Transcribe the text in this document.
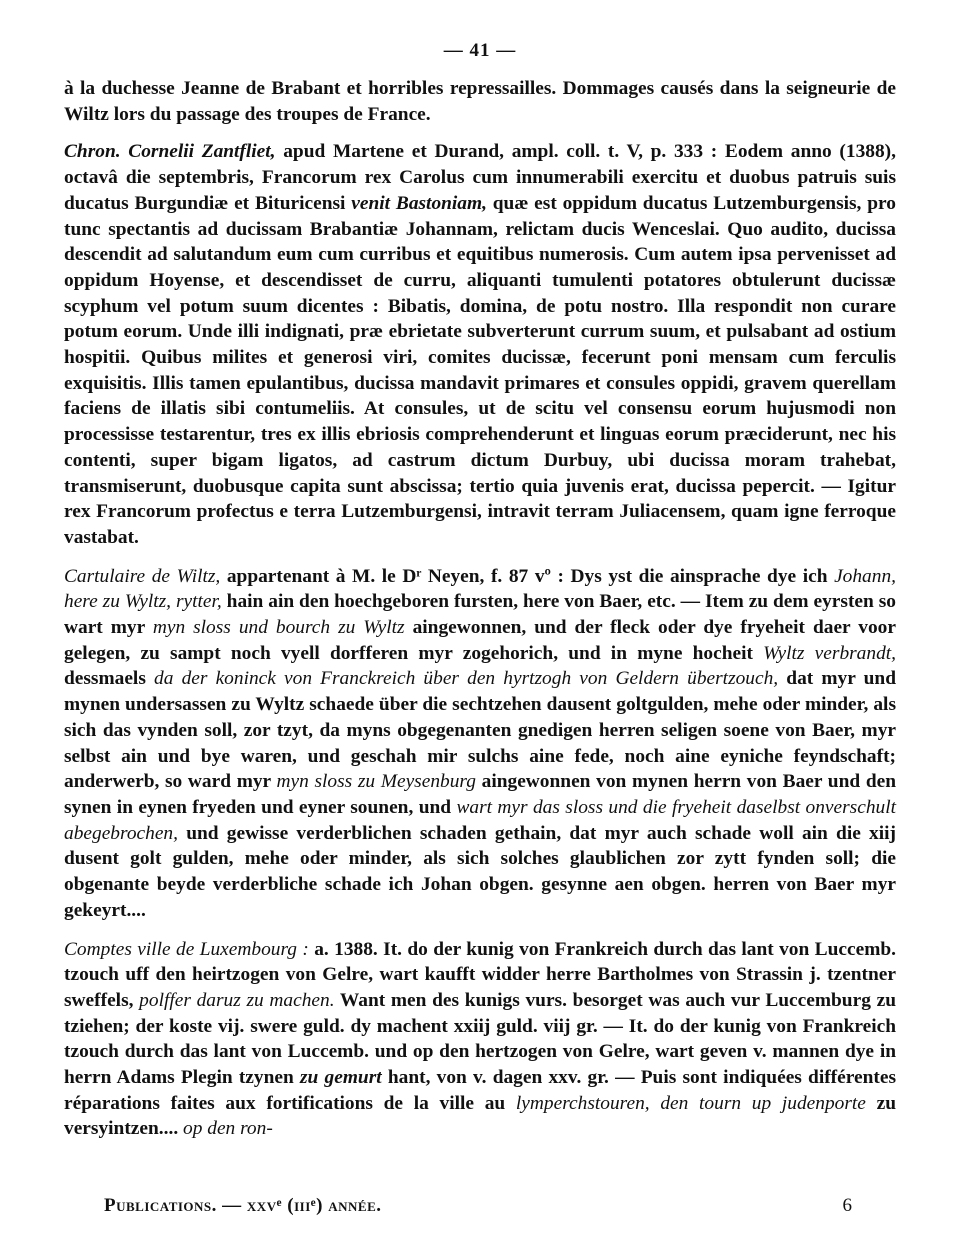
— 41 —

à la duchesse Jeanne de Brabant et horribles repressailles. Dommages causés dans la seigneurie de Wiltz lors du passage des troupes de France.

Chron. Cornelii Zantfliet, apud Martene et Durand, ampl. coll. t. V, p. 333 : Eodem anno (1388), octavâ die septembris, Francorum rex Carolus cum innumerabili exercitu et duobus patruis suis ducatus Burgundiæ et Bituricensi venit Bastoniam, quæ est oppidum ducatus Lutzemburgensis, pro tunc spectantis ad ducissam Brabantiæ Johannam, relictam ducis Wenceslai. Quo audito, ducissa descendit ad salutandum eum cum curribus et equitibus numerosis. Cum autem ipsa pervenisset ad oppidum Hoyense, et descendisset de curru, aliquanti tumulenti potatores obtulerunt ducissæ scyphum vel potum suum dicentes : Bibatis, domina, de potu nostro. Illa respondit non curare potum eorum. Unde illi indignati, præ ebrietate subverterunt currum suum, et pulsabant ad ostium hospitii. Quibus milites et generosi viri, comites ducissæ, fecerunt poni mensam cum ferculis exquisitis. Illis tamen epulantibus, ducissa mandavit primares et consules oppidi, gravem querellam faciens de illatis sibi contumeliis. At consules, ut de scitu vel consensu eorum hujusmodi non processisse testarentur, tres ex illis ebriosis comprehenderunt et linguas eorum præciderunt, nec his contenti, super bigam ligatos, ad castrum dictum Durbuy, ubi ducissa moram trahebat, transmiserunt, duobusque capita sunt abscissa; tertio quia juvenis erat, ducissa pepercit. — Igitur rex Francorum profectus e terra Lutzemburgensi, intravit terram Juliacensem, quam igne ferroque vastabat.

Cartulaire de Wiltz, appartenant à M. le Dʳ Neyen, f. 87 vº : Dys yst die ainsprache dye ich Johann, here zu Wyltz, rytter, hain ain den hoechgeboren fursten, here von Baer, etc. — Item zu dem eyrsten so wart myr myn sloss und bourch zu Wyltz aingewonnen, und der fleck oder dye fryeheit daer voor gelegen, zu sampt noch vyell dorfferen myr zogehorich, und in myne hocheit Wyltz verbrandt, dessmaels da der koninck von Franckreich über den hyrtzogh von Geldern übertzouch, dat myr und mynen undersassen zu Wyltz schaede über die sechtzehen dausent goltgulden, mehe oder minder, als sich das vynden soll, zor tzyt, da myns obgegenanten gnedigen herren seligen soene von Baer, myr selbst ain und bye waren, und geschah mir sulchs aine fede, noch aine eyniche feyndschaft; anderwerb, so ward myr myn sloss zu Meysenburg aingewonnen von mynen herrn von Baer und den synen in eynen fryeden und eyner sounen, und wart myr das sloss und die fryeheit daselbst onverschult abegebrochen, und gewisse verderblichen schaden gethain, dat myr auch schade woll ain die xiij dusent golt gulden, mehe oder minder, als sich solches glaublichen zor zytt fynden soll; die obgenante beyde verderbliche schade ich Johan obgen. gesynne aen obgen. herren von Baer myr gekeyrt....

Comptes ville de Luxembourg : a. 1388. It. do der kunig von Frankreich durch das lant von Luccemb. tzouch uff den heirtzogen von Gelre, wart kaufft widder herre Bartholmes von Strassin j. tzentner sweffels, polffer daruz zu machen. Want men des kunigs vurs. besorget was auch vur Luccemburg zu tziehen; der koste vij. swere guld. dy machent xxiij guld. viij gr. — It. do der kunig von Frankreich tzouch durch das lant von Luccemb. und op den hertzogen von Gelre, wart geven v. mannen dye in herrn Adams Plegin tzynen zu gemurt hant, von v. dagen xxv. gr. — Puis sont indiquées différentes réparations faites aux fortifications de la ville au lymperchstouren, den tourn up judenporte zu versyintzen.... op den ron-

Publications. — xxvᵉ (iiiᵉ) année.	6
